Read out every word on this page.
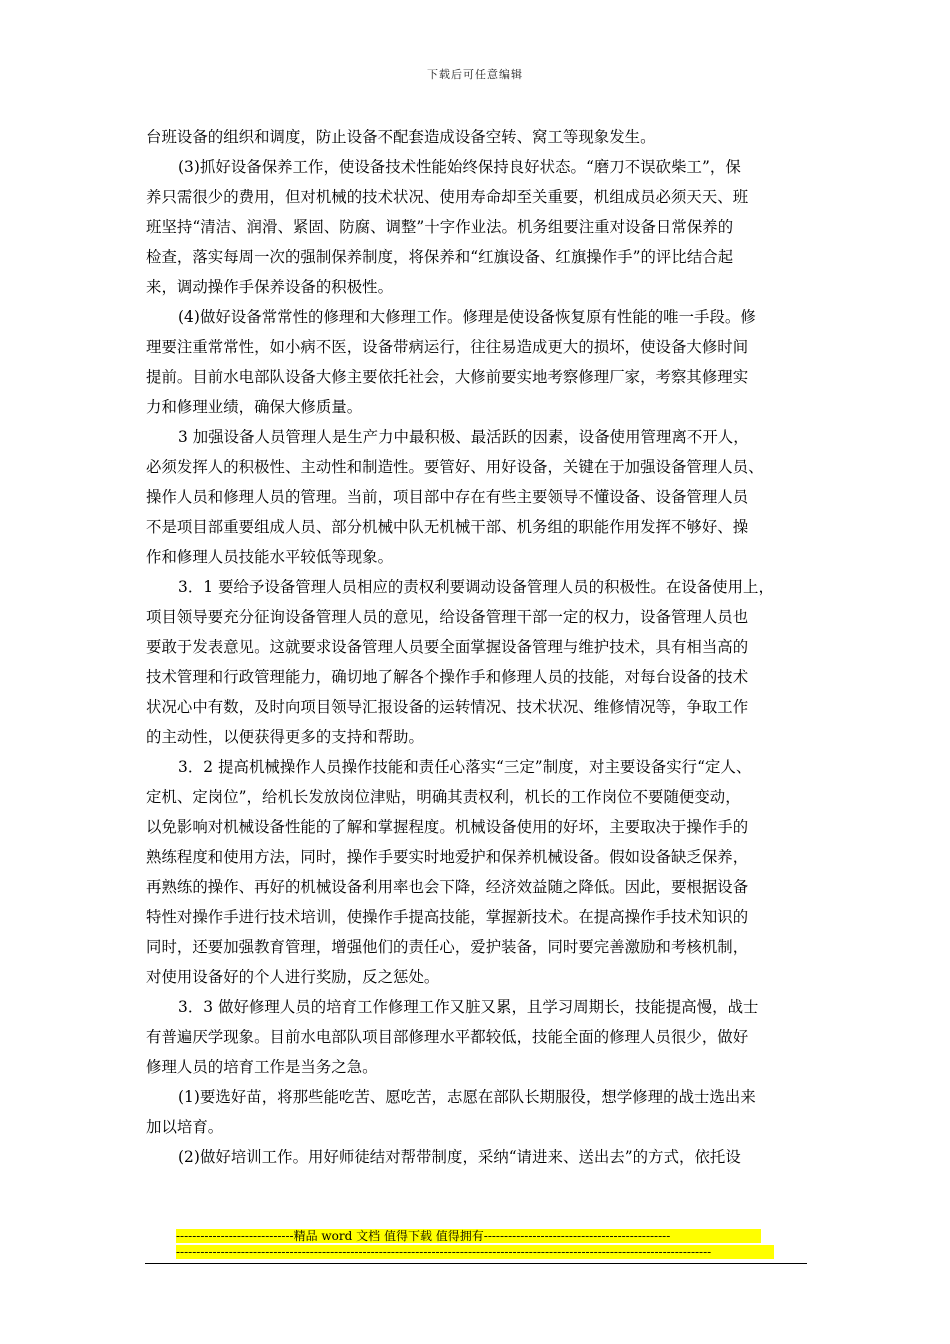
下载后可任意编辑
台班设备的组织和调度，防止设备不配套造成设备空转、窝工等现象发生。
(3)抓好设备保养工作，使设备技术性能始终保持良好状态。“磨刀不误砍柴工”，保
养只需很少的费用，但对机械的技术状况、使用寿命却至关重要，机组成员必须天天、班
班坚持“清洁、润滑、紧固、防腐、调整”十字作业法。机务组要注重对设备日常保养的
检查，落实每周一次的强制保养制度，将保养和“红旗设备、红旗操作手”的评比结合起
来，调动操作手保养设备的积极性。
(4)做好设备常常性的修理和大修理工作。修理是使设备恢复原有性能的唯一手段。修
理要注重常常性，如小病不医，设备带病运行，往往易造成更大的损坏，使设备大修时间
提前。目前水电部队设备大修主要依托社会，大修前要实地考察修理厂家，考察其修理实
力和修理业绩，确保大修质量。
3 加强设备人员管理人是生产力中最积极、最活跃的因素，设备使用管理离不开人，
必须发挥人的积极性、主动性和制造性。要管好、用好设备，关键在于加强设备管理人员、
操作人员和修理人员的管理。当前，项目部中存在有些主要领导不懂设备、设备管理人员
不是项目部重要组成人员、部分机械中队无机械干部、机务组的职能作用发挥不够好、操
作和修理人员技能水平较低等现象。
3．1 要给予设备管理人员相应的责权利要调动设备管理人员的积极性。在设备使用上，
项目领导要充分征询设备管理人员的意见，给设备管理干部一定的权力，设备管理人员也
要敢于发表意见。这就要求设备管理人员要全面掌握设备管理与维护技术，具有相当高的
技术管理和行政管理能力，确切地了解各个操作手和修理人员的技能，对每台设备的技术
状况心中有数，及时向项目领导汇报设备的运转情况、技术状况、维修情况等，争取工作
的主动性，以便获得更多的支持和帮助。
3．2 提高机械操作人员操作技能和责任心落实“三定”制度，对主要设备实行“定人、
定机、定岗位”，给机长发放岗位津贴，明确其责权利，机长的工作岗位不要随便变动，
以免影响对机械设备性能的了解和掌握程度。机械设备使用的好坏，主要取决于操作手的
熟练程度和使用方法，同时，操作手要实时地爱护和保养机械设备。假如设备缺乏保养，
再熟练的操作、再好的机械设备利用率也会下降，经济效益随之降低。因此，要根据设备
特性对操作手进行技术培训，使操作手提高技能，掌握新技术。在提高操作手技术知识的
同时，还要加强教育管理，增强他们的责任心，爱护装备，同时要完善激励和考核机制，
对使用设备好的个人进行奖励，反之惩处。
3．3 做好修理人员的培育工作修理工作又脏又累，且学习周期长，技能提高慢，战士
有普遍厌学现象。目前水电部队项目部修理水平都较低，技能全面的修理人员很少，做好
修理人员的培育工作是当务之急。
(1)要选好苗，将那些能吃苦、愿吃苦，志愿在部队长期服役，想学修理的战士选出来
加以培育。
(2)做好培训工作。用好师徒结对帮带制度，采纳“请进来、送出去”的方式，依托设
-----------------------------精品 word 文档 值得下载 值得拥有----------------------------------------------
------------------------------------------------------------------------------------------------------------------------------------
